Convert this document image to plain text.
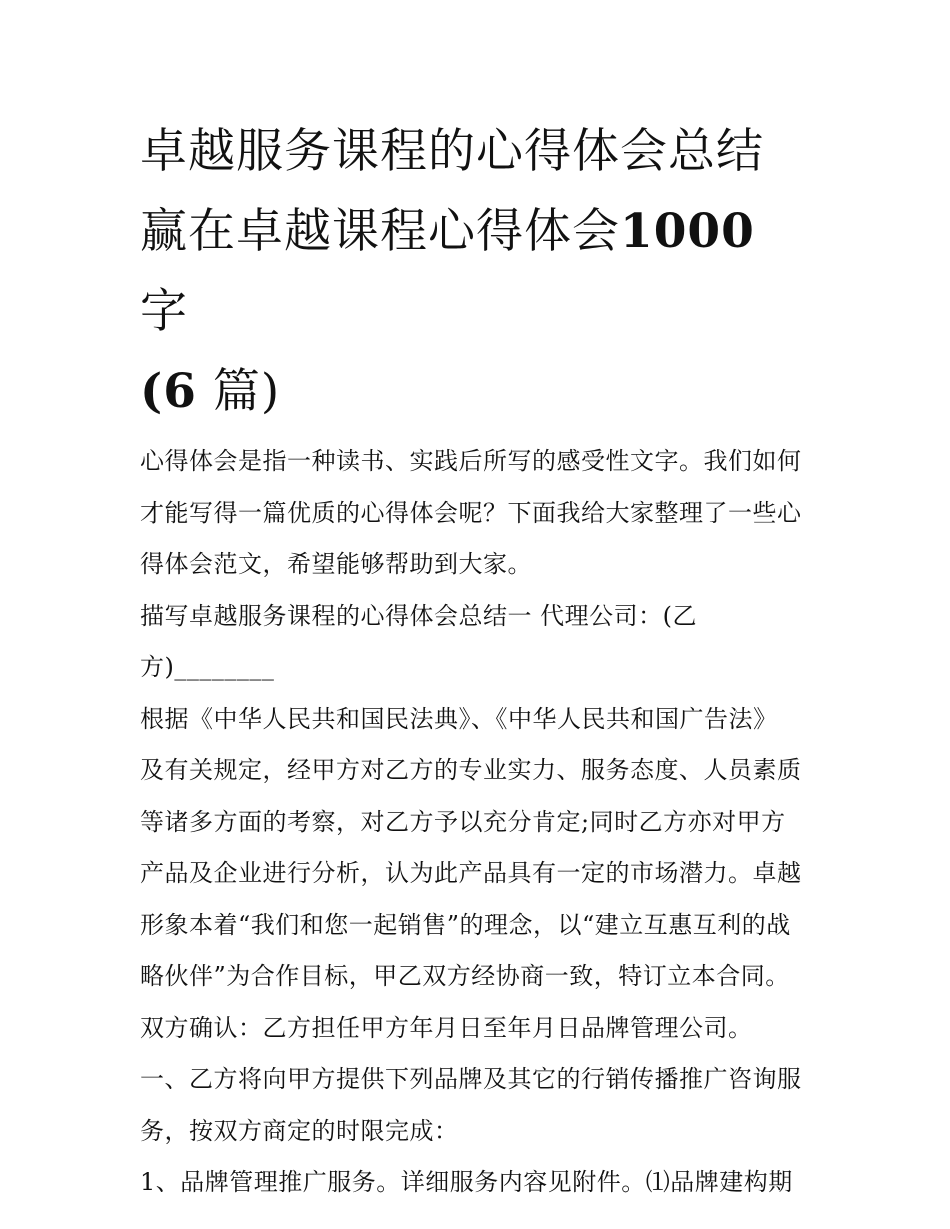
卓越服务课程的心得体会总结
赢在卓越课程心得体会1000 字
(6 篇)

心得体会是指一种读书、实践后所写的感受性文字。我们如何

才能写得一篇优质的心得体会呢？下面我给大家整理了一些心

得体会范文，希望能够帮助到大家。

描写卓越服务课程的心得体会总结一 代理公司：(乙

方)________

根据《中华人民共和国民法典》、《中华人民共和国广告法》

及有关规定，经甲方对乙方的专业实力、服务态度、人员素质

等诸多方面的考察，对乙方予以充分肯定;同时乙方亦对甲方

产品及企业进行分析，认为此产品具有一定的市场潜力。卓越

形象本着“我们和您一起销售”的理念，以“建立互惠互利的战

略伙伴”为合作目标，甲乙双方经协商一致，特订立本合同。

双方确认：乙方担任甲方年月日至年月日品牌管理公司。

一、乙方将向甲方提供下列品牌及其它的行销传播推广咨询服

务，按双方商定的时限完成：

1、品牌管理推广服务。详细服务内容见附件。⑴品牌建构期
